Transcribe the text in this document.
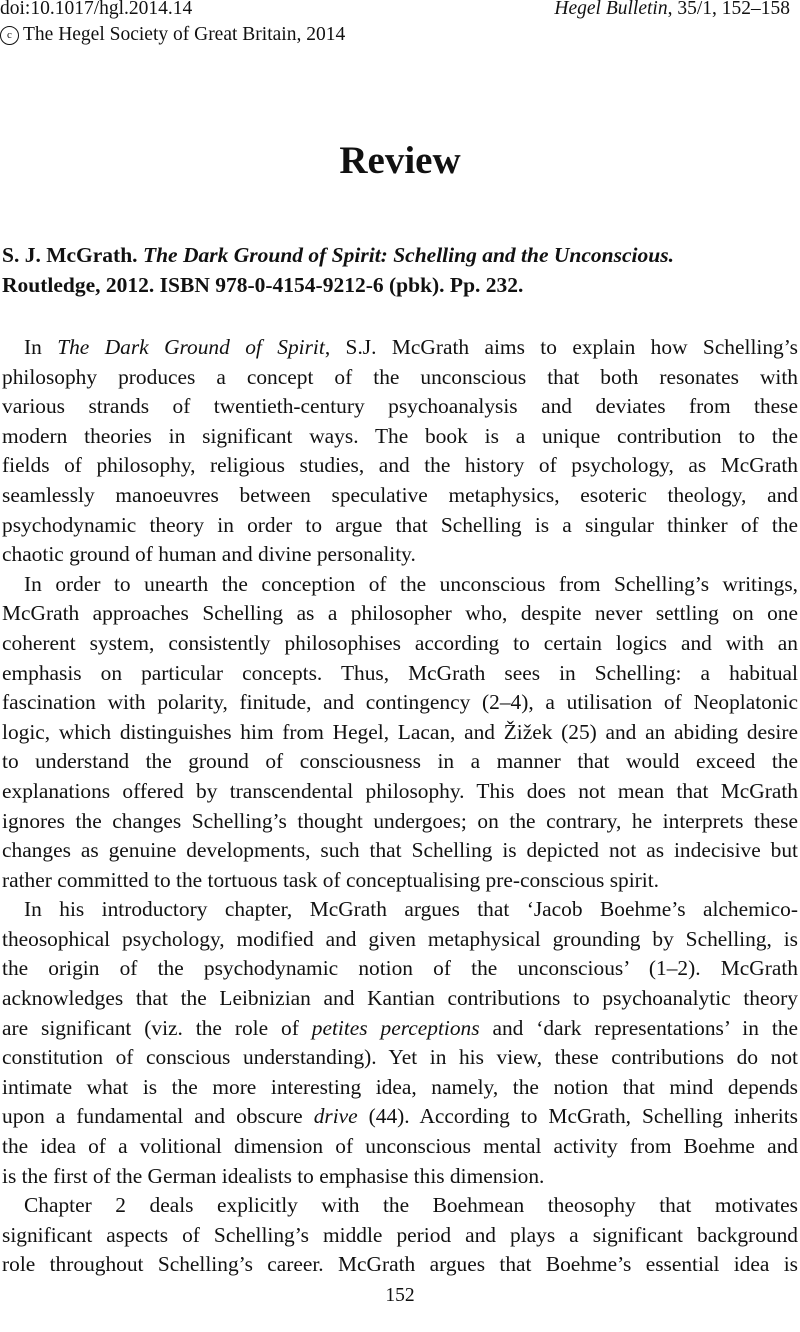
doi:10.1017/hgl.2014.14	Hegel Bulletin, 35/1, 152–158
c The Hegel Society of Great Britain, 2014
Review
S. J. McGrath. The Dark Ground of Spirit: Schelling and the Unconscious.
Routledge, 2012. ISBN 978-0-4154-9212-6 (pbk). Pp. 232.
In The Dark Ground of Spirit, S.J. McGrath aims to explain how Schelling’s
philosophy produces a concept of the unconscious that both resonates with
various strands of twentieth-century psychoanalysis and deviates from these
modern theories in significant ways. The book is a unique contribution to the
fields of philosophy, religious studies, and the history of psychology, as McGrath
seamlessly manoeuvres between speculative metaphysics, esoteric theology, and
psychodynamic theory in order to argue that Schelling is a singular thinker of the
chaotic ground of human and divine personality.
In order to unearth the conception of the unconscious from Schelling’s writings,
McGrath approaches Schelling as a philosopher who, despite never settling on one
coherent system, consistently philosophises according to certain logics and with an
emphasis on particular concepts. Thus, McGrath sees in Schelling: a habitual
fascination with polarity, finitude, and contingency (2–4), a utilisation of Neoplatonic
logic, which distinguishes him from Hegel, Lacan, and Žižek (25) and an abiding desire
to understand the ground of consciousness in a manner that would exceed the
explanations offered by transcendental philosophy. This does not mean that McGrath
ignores the changes Schelling’s thought undergoes; on the contrary, he interprets these
changes as genuine developments, such that Schelling is depicted not as indecisive but
rather committed to the tortuous task of conceptualising pre-conscious spirit.
In his introductory chapter, McGrath argues that ‘Jacob Boehme’s alchemico-
theosophical psychology, modified and given metaphysical grounding by Schelling, is
the origin of the psychodynamic notion of the unconscious’ (1–2). McGrath
acknowledges that the Leibnizian and Kantian contributions to psychoanalytic theory
are significant (viz. the role of petites perceptions and ‘dark representations’ in the
constitution of conscious understanding). Yet in his view, these contributions do not
intimate what is the more interesting idea, namely, the notion that mind depends
upon a fundamental and obscure drive (44). According to McGrath, Schelling inherits
the idea of a volitional dimension of unconscious mental activity from Boehme and
is the first of the German idealists to emphasise this dimension.
Chapter 2 deals explicitly with the Boehmean theosophy that motivates
significant aspects of Schelling’s middle period and plays a significant background
role throughout Schelling’s career. McGrath argues that Boehme’s essential idea is
152
